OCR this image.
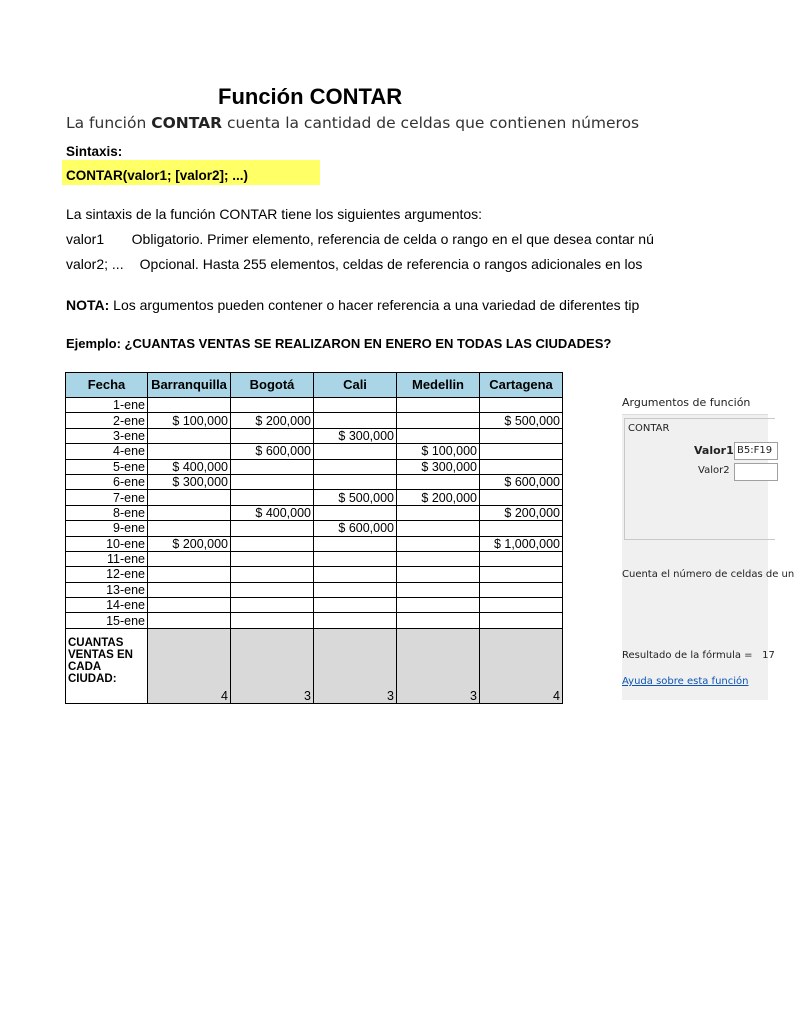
Función CONTAR
La función CONTAR cuenta la cantidad de celdas que contienen números
Sintaxis:
CONTAR(valor1; [valor2]; ...)
La sintaxis de la función CONTAR tiene los siguientes argumentos:
valor1 Obligatorio. Primer elemento, referencia de celda o rango en el que desea contar nú
valor2; ... Opcional. Hasta 255 elementos, celdas de referencia o rangos adicionales en los
NOTA: Los argumentos pueden contener o hacer referencia a una variedad de diferentes tip
Ejemplo: ¿CUANTAS VENTAS SE REALIZARON EN ENERO EN TODAS LAS CIUDADES?
Fecha	Barranquilla	Bogotá	Cali	Medellin	Cartagena
1-ene					
2-ene	$ 100,000	$ 200,000			$ 500,000
3-ene			$ 300,000		
4-ene		$ 600,000		$ 100,000	
5-ene	$ 400,000			$ 300,000	
6-ene	$ 300,000				$ 600,000
7-ene			$ 500,000	$ 200,000	
8-ene		$ 400,000			$ 200,000
9-ene			$ 600,000		
10-ene	$ 200,000				$ 1,000,000
11-ene					
12-ene					
13-ene					
14-ene					
15-ene					
CUANTAS VENTAS EN CADA CIUDAD:	4	3	3	3	4
Argumentos de función
CONTAR
Valor1 B5:F19
Valor2
Cuenta el número de celdas de un
Resultado de la fórmula = 17
Ayuda sobre esta función
